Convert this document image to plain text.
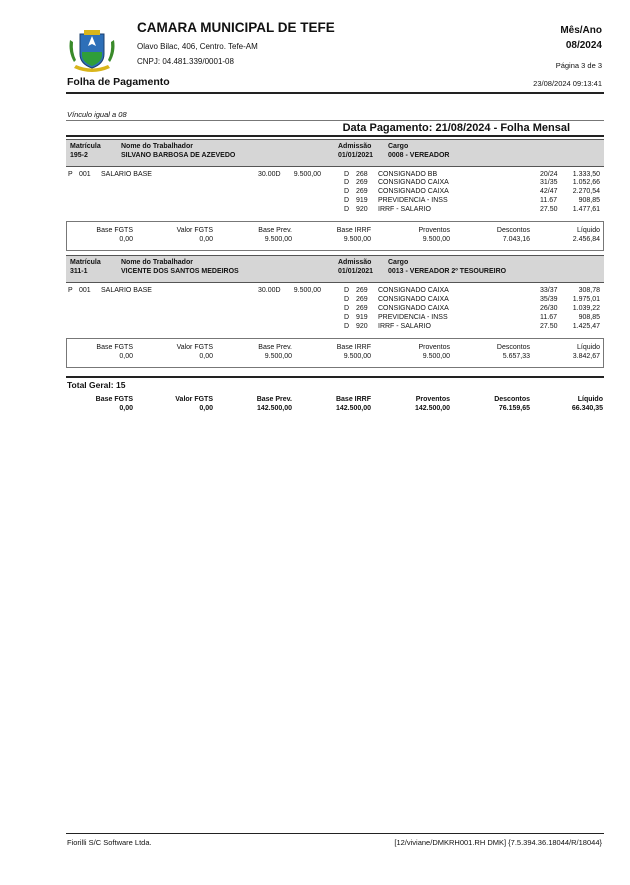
CAMARA MUNICIPAL DE TEFE
Olavo Bilac, 406, Centro. Tefe-AM
CNPJ: 04.481.339/0001-08
Folha de Pagamento
Mês/Ano
08/2024
Página 3 de 3
23/08/2024 09:13:41
Vínculo igual a 08
Data Pagamento: 21/08/2024 - Folha Mensal
Matrícula	Nome do Trabalhador	Admissão Cargo
195-2	SILVANO BARBOSA DE AZEVEDO	01/01/2021 0008 - VEREADOR
P 001 SALARIO BASE	30.00D 9.500,00	D 268 CONSIGNADO BB	20/24 1.333,50
D 269 CONSIGNADO CAIXA	31/35 1.052,66
D 269 CONSIGNADO CAIXA	42/47 2.270,54
D 919 PREVIDENCIA - INSS	11.67	908,85
D 920 IRRF - SALARIO	27.50 1.477,61
Base FGTS	Valor FGTS	Base Prev.	Base IRRF	Proventos	Descontos	Líquido
0,00	0,00	9.500,00	9.500,00	9.500,00	7.043,16	2.456,84
Matrícula	Nome do Trabalhador	Admissão Cargo
311-1	VICENTE DOS SANTOS MEDEIROS	01/01/2021 0013 - VEREADOR 2º TESOUREIRO
P 001 SALARIO BASE	30.00D 9.500,00	D 269 CONSIGNADO CAIXA	33/37	308,78
D 269 CONSIGNADO CAIXA	35/39 1.975,01
D 269 CONSIGNADO CAIXA	26/30 1.039,22
D 919 PREVIDENCIA - INSS	11.67	908,85
D 920 IRRF - SALARIO	27.50 1.425,47
Base FGTS	Valor FGTS	Base Prev.	Base IRRF	Proventos	Descontos	Líquido
0,00	0,00	9.500,00	9.500,00	9.500,00	5.657,33	3.842,67
Total Geral: 15
Base FGTS	Valor FGTS	Base Prev.	Base IRRF	Proventos	Descontos	Líquido
0,00	0,00	142.500,00	142.500,00	142.500,00	76.159,65	66.340,35
Fiorilli S/C Software Ltda.	[12/viviane/DMKRH001.RH DMK] {7.5.394.36.18044/R/18044}
